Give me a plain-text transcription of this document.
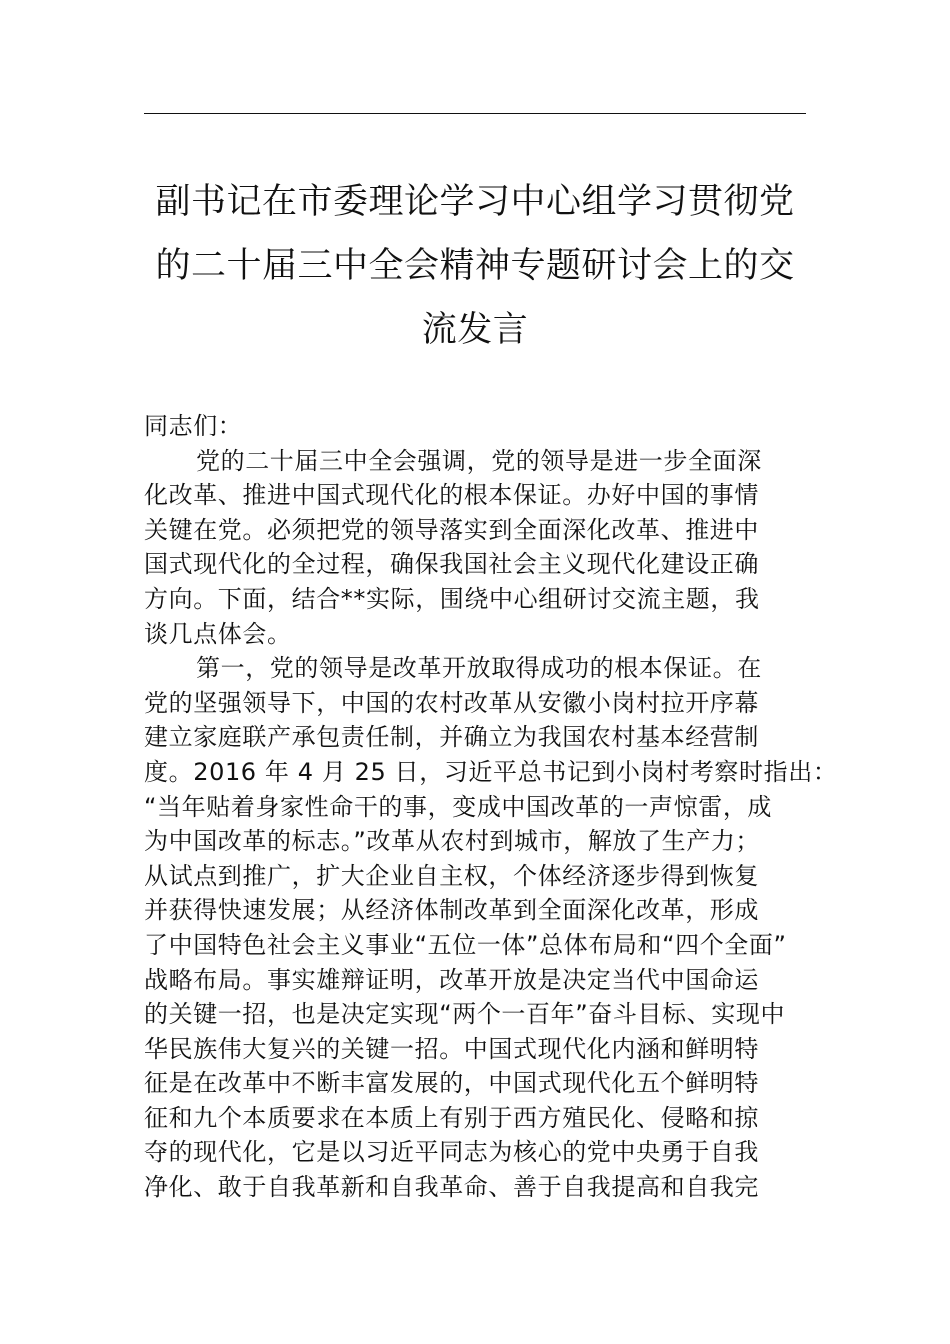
副书记在市委理论学习中心组学习贯彻党
的二十届三中全会精神专题研讨会上的交
流发言
同志们：
党的二十届三中全会强调，党的领导是进一步全面深
化改革、推进中国式现代化的根本保证。办好中国的事情
关键在党。必须把党的领导落实到全面深化改革、推进中
国式现代化的全过程，确保我国社会主义现代化建设正确
方向。下面，结合**实际，围绕中心组研讨交流主题，我
谈几点体会。
第一，党的领导是改革开放取得成功的根本保证。在
党的坚强领导下，中国的农村改革从安徽小岗村拉开序幕
建立家庭联产承包责任制，并确立为我国农村基本经营制
度。2016 年 4 月 25 日，习近平总书记到小岗村考察时指出：
“当年贴着身家性命干的事，变成中国改革的一声惊雷，成
为中国改革的标志。”改革从农村到城市，解放了生产力；
从试点到推广，扩大企业自主权，个体经济逐步得到恢复
并获得快速发展；从经济体制改革到全面深化改革，形成
了中国特色社会主义事业“五位一体”总体布局和“四个全面”
战略布局。事实雄辩证明，改革开放是决定当代中国命运
的关键一招，也是决定实现“两个一百年”奋斗目标、实现中
华民族伟大复兴的关键一招。中国式现代化内涵和鲜明特
征是在改革中不断丰富发展的，中国式现代化五个鲜明特
征和九个本质要求在本质上有别于西方殖民化、侵略和掠
夺的现代化，它是以习近平同志为核心的党中央勇于自我
净化、敢于自我革新和自我革命、善于自我提高和自我完
